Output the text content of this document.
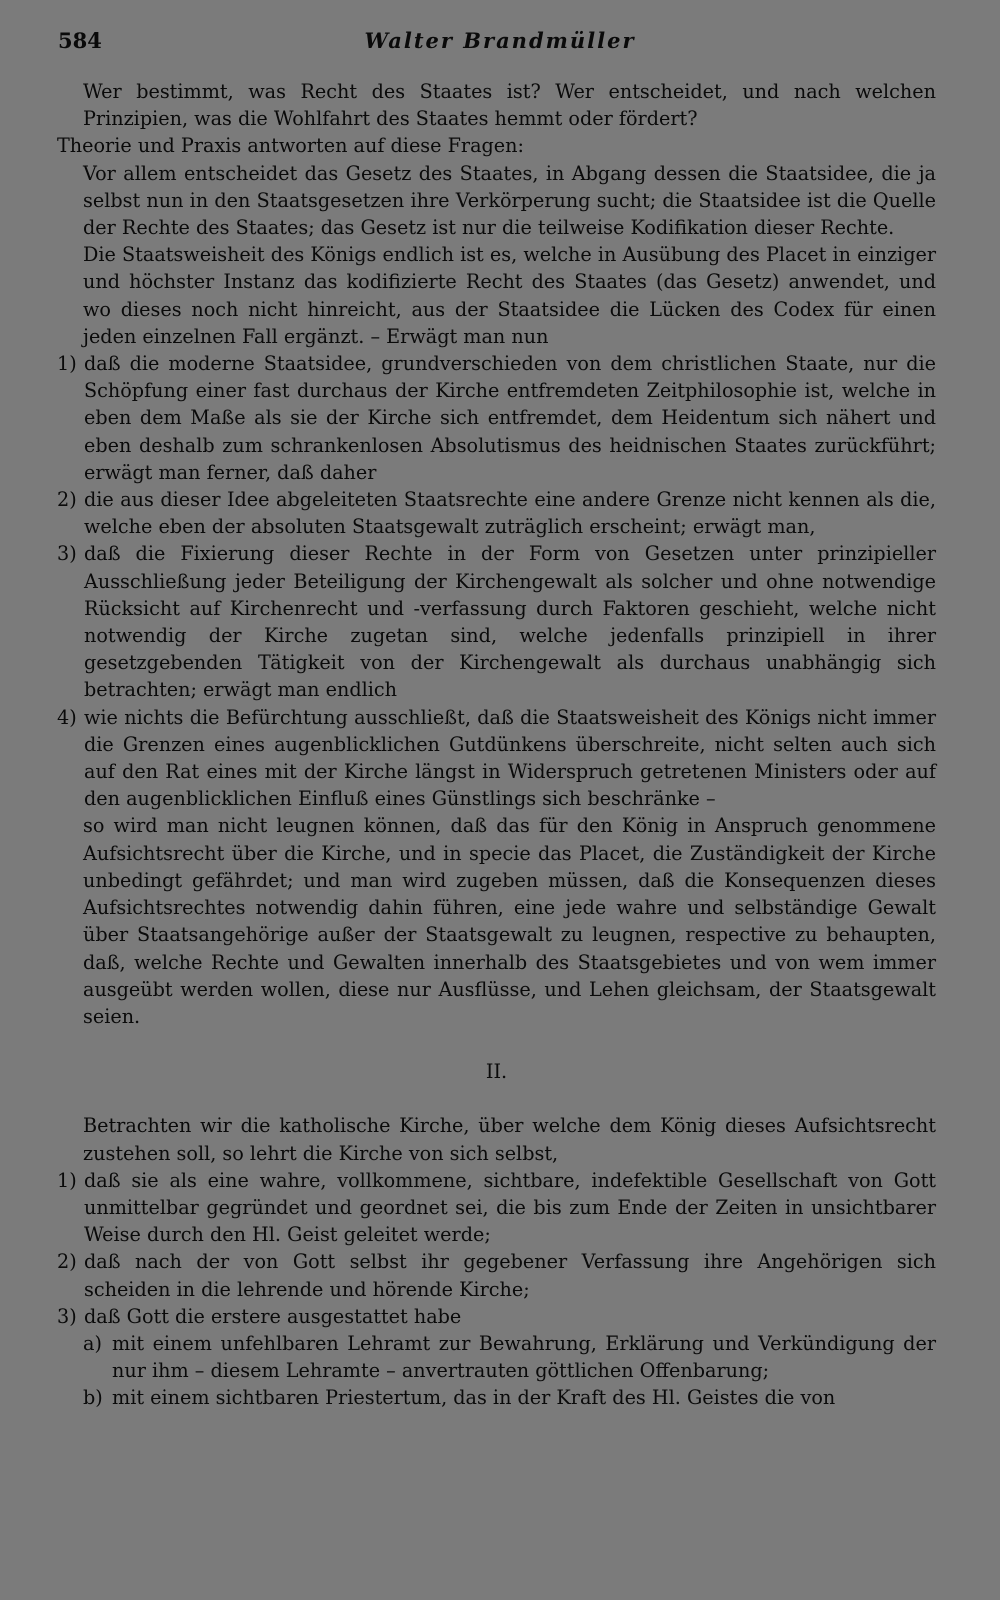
584	Walter Brandmüller

Wer bestimmt, was Recht des Staates ist? Wer entscheidet, und nach welchen Prinzipien, was die Wohlfahrt des Staates hemmt oder fördert?

Theorie und Praxis antworten auf diese Fragen:

Vor allem entscheidet das Gesetz des Staates, in Abgang dessen die Staatsidee, die ja selbst nun in den Staatsgesetzen ihre Verkörperung sucht; die Staatsidee ist die Quelle der Rechte des Staates; das Gesetz ist nur die teilweise Kodifikation dieser Rechte.

Die Staatsweisheit des Königs endlich ist es, welche in Ausübung des Placet in einziger und höchster Instanz das kodifizierte Recht des Staates (das Gesetz) anwendet, und wo dieses noch nicht hinreicht, aus der Staatsidee die Lücken des Codex für einen jeden einzelnen Fall ergänzt. – Erwägt man nun

1) daß die moderne Staatsidee, grundverschieden von dem christlichen Staate, nur die Schöpfung einer fast durchaus der Kirche entfremdeten Zeitphilosophie ist, welche in eben dem Maße als sie der Kirche sich entfremdet, dem Heidentum sich nähert und eben deshalb zum schrankenlosen Absolutismus des heidnischen Staates zurückführt; erwägt man ferner, daß daher
2) die aus dieser Idee abgeleiteten Staatsrechte eine andere Grenze nicht kennen als die, welche eben der absoluten Staatsgewalt zuträglich erscheint; erwägt man,
3) daß die Fixierung dieser Rechte in der Form von Gesetzen unter prinzipieller Ausschließung jeder Beteiligung der Kirchengewalt als solcher und ohne notwendige Rücksicht auf Kirchenrecht und -verfassung durch Faktoren geschieht, welche nicht notwendig der Kirche zugetan sind, welche jedenfalls prinzipiell in ihrer gesetzgebenden Tätigkeit von der Kirchengewalt als durchaus unabhängig sich betrachten; erwägt man endlich
4) wie nichts die Befürchtung ausschließt, daß die Staatsweisheit des Königs nicht immer die Grenzen eines augenblicklichen Gutdünkens überschreite, nicht selten auch sich auf den Rat eines mit der Kirche längst in Widerspruch getretenen Ministers oder auf den augenblicklichen Einfluß eines Günstlings sich beschränke –

so wird man nicht leugnen können, daß das für den König in Anspruch genommene Aufsichtsrecht über die Kirche, und in specie das Placet, die Zuständigkeit der Kirche unbedingt gefährdet; und man wird zugeben müssen, daß die Konsequenzen dieses Aufsichtsrechtes notwendig dahin führen, eine jede wahre und selbständige Gewalt über Staatsangehörige außer der Staatsgewalt zu leugnen, respective zu behaupten, daß, welche Rechte und Gewalten innerhalb des Staatsgebietes und von wem immer ausgeübt werden wollen, diese nur Ausflüsse, und Lehen gleichsam, der Staatsgewalt seien.

II.

Betrachten wir die katholische Kirche, über welche dem König dieses Aufsichtsrecht zustehen soll, so lehrt die Kirche von sich selbst,

1) daß sie als eine wahre, vollkommene, sichtbare, indefektible Gesellschaft von Gott unmittelbar gegründet und geordnet sei, die bis zum Ende der Zeiten in unsichtbarer Weise durch den Hl. Geist geleitet werde;
2) daß nach der von Gott selbst ihr gegebener Verfassung ihre Angehörigen sich scheiden in die lehrende und hörende Kirche;
3) daß Gott die erstere ausgestattet habe
a) mit einem unfehlbaren Lehramt zur Bewahrung, Erklärung und Verkündigung der nur ihm – diesem Lehramte – anvertrauten göttlichen Offenbarung;
b) mit einem sichtbaren Priestertum, das in der Kraft des Hl. Geistes die von
